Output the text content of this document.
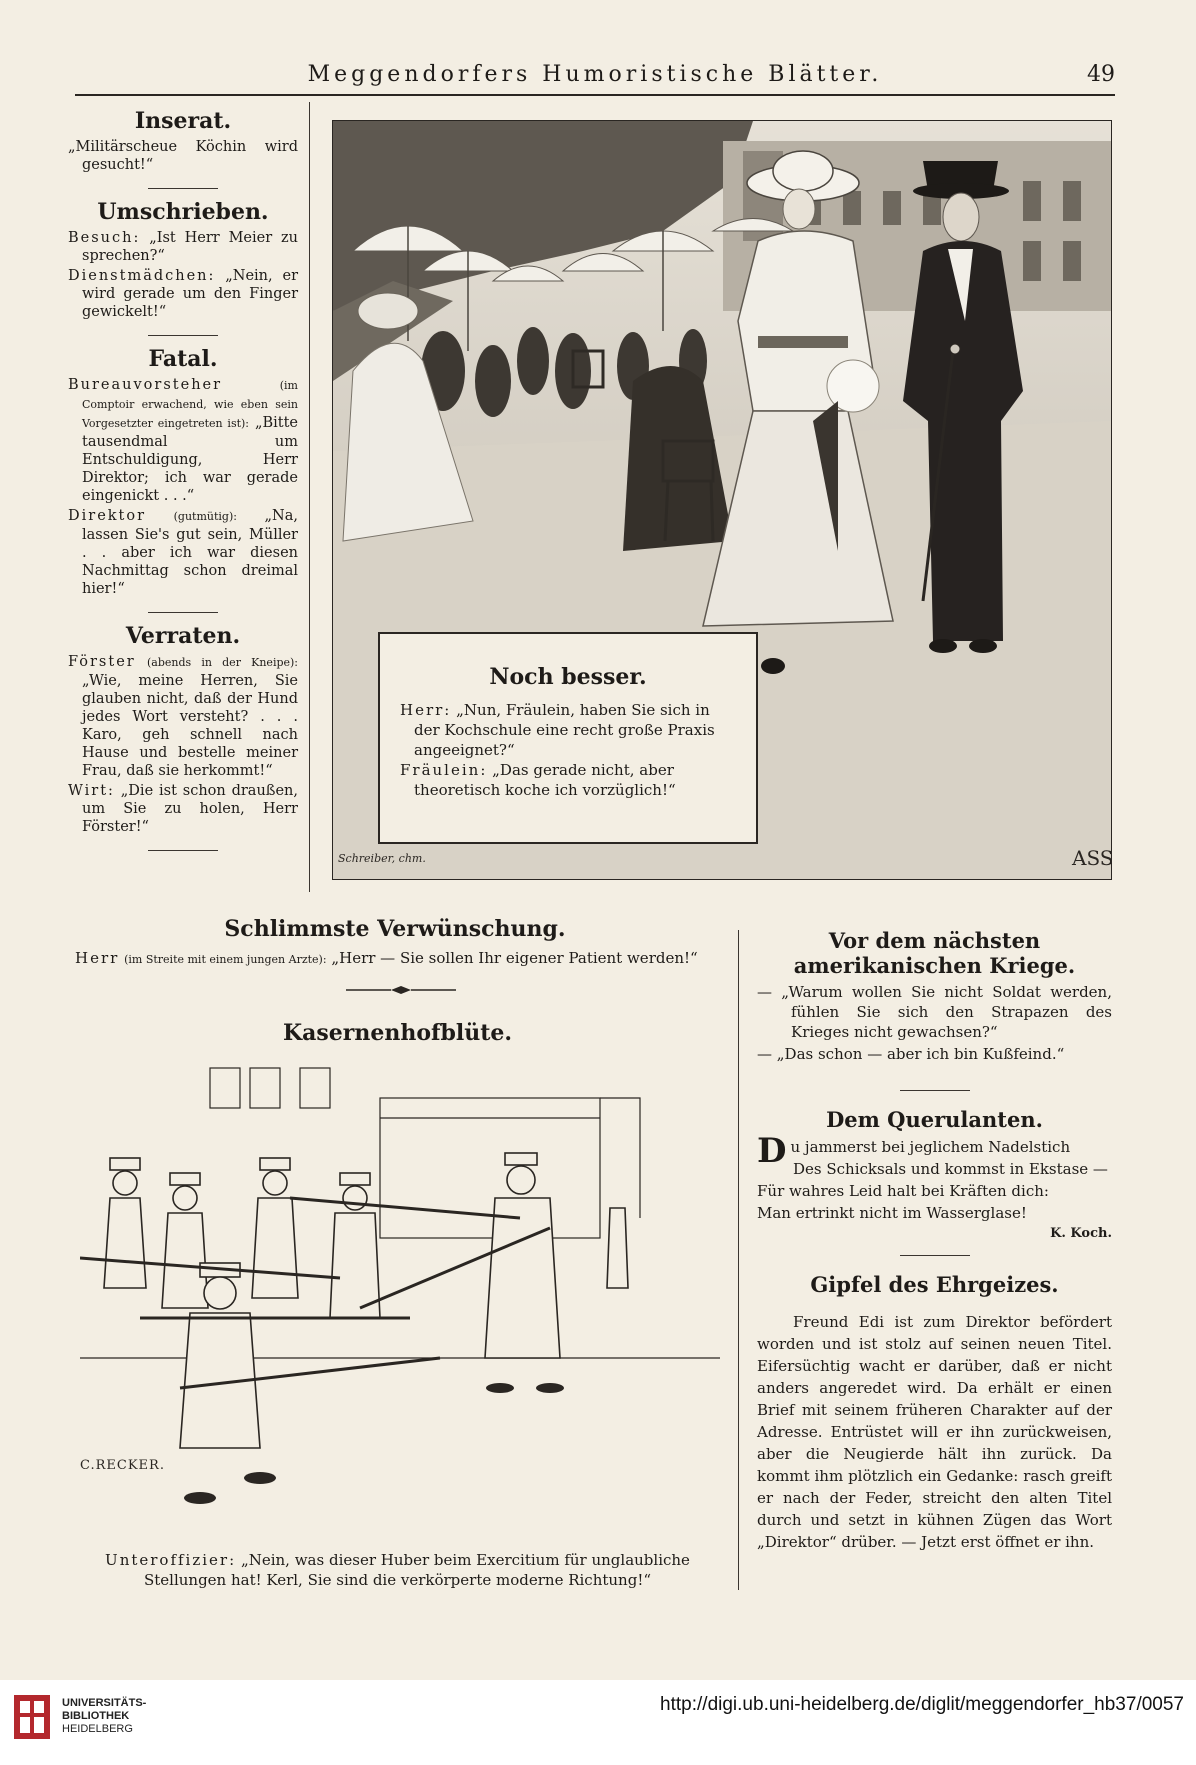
Meggendorfers Humoristische Blätter.	49
Inserat.

„Militärscheue Köchin wird gesucht!“

Umschrieben.

Besuch: „Ist Herr Meier zu sprechen?“

Dienstmädchen: „Nein, er wird gerade um den Finger gewickelt!“

Fatal.

Bureauvorsteher	(im Comptoir erwachend, wie eben sein Vorgesetzter eingetreten ist): „Bitte tausendmal um Entschuldigung, Herr Direktor; ich war gerade eingenickt . . .“

Direktor	(gutmütig): „Na, lassen Sie's gut sein, Müller . . aber ich war diesen Nachmittag schon dreimal hier!“

Verraten.

Förster (abends in der Kneipe): „Wie, meine Herren, Sie glauben nicht, daß der Hund jedes Wort versteht? . . . Karo, geh schnell nach Hause und bestelle meiner Frau, daß sie herkommt!“

Wirt: „Die ist schon draußen, um Sie zu holen, Herr Förster!“

Noch besser.

Herr: „Nun, Fräulein, haben Sie sich in der Kochschule eine recht große Praxis angeeignet?“

Fräulein: „Das gerade nicht, aber theoretisch koche ich vorzüglich!“

Schreiber, chm.	ASS
Schlimmste Verwünschung.
Herr (im Streite mit einem jungen Arzte): „Herr — Sie sollen Ihr eigener Patient werden!“
Kasernenhofblüte.
C.RECKER.
Unteroffizier: „Nein, was dieser Huber beim Exercitium für unglaubliche Stellungen hat! Kerl, Sie sind die verkörperte moderne Richtung!“
Vor dem nächsten
amerikanischen Kriege.

— „Warum wollen Sie nicht Soldat werden, fühlen Sie sich den Strapazen des Krieges nicht gewachsen?“

— „Das schon — aber ich bin Kußfeind.“

Dem Querulanten.

Du jammerst bei jeglichem Nadelstich

Des Schicksals und kommst in Ekstase —

Für wahres Leid halt bei Kräften dich:

Man ertrinkt nicht im Wasserglase!

K. Koch.
Gipfel des Ehrgeizes.

Freund Edi ist zum Direktor befördert worden und ist stolz auf seinen neuen Titel. Eifersüchtig wacht er darüber, daß er nicht anders angeredet wird. Da erhält er einen Brief mit seinem früheren Charakter auf der Adresse. Entrüstet will er ihn zurückweisen, aber die Neugierde hält ihn zurück. Da kommt ihm plötzlich ein Gedanke: rasch greift er nach der Feder, streicht den alten Titel durch und setzt in kühnen Zügen das Wort „Direktor“ drüber. — Jetzt erst öffnet er ihn.

UNIVERSITÄTS-
BIBLIOTHEK
HEIDELBERG
http://digi.ub.uni-heidelberg.de/diglit/meggendorfer_hb37/0057
